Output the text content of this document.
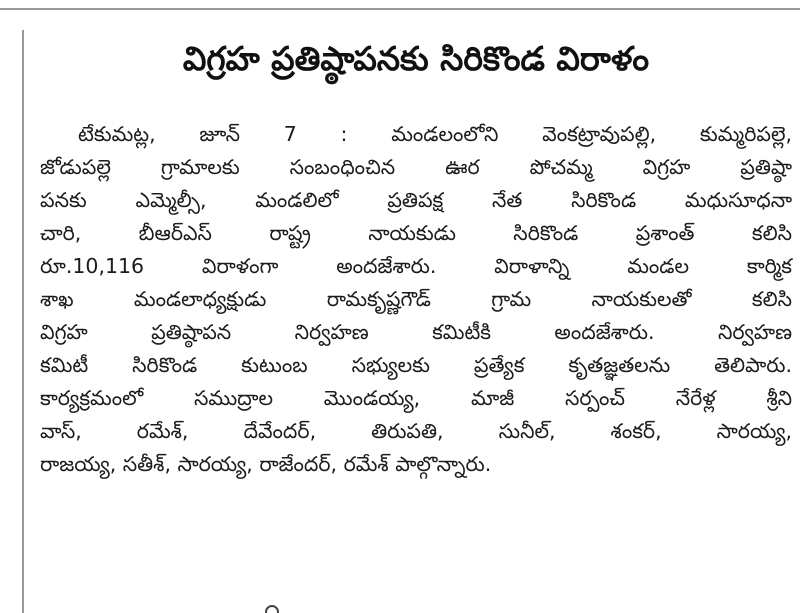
విగ్రహ ప్రతిష్ఠాపనకు సిరికొండ విరాళం
టేకుమట్ల, జూన్ 7 : మండలంలోని వెంకట్రావుపల్లి, కుమ్మరిపల్లె,
జోడుపల్లె గ్రామాలకు సంబంధించిన ఊర పోచమ్మ విగ్రహ ప్రతిష్ఠా
పనకు ఎమ్మెల్సీ, మండలిలో ప్రతిపక్ష నేత సిరికొండ మధుసూధనా
చారి, బీఆర్ఎస్ రాష్ట్ర నాయకుడు సిరికొండ ప్రశాంత్ కలిసి
రూ.10,116 విరాళంగా అందజేశారు. విరాళాన్ని మండల కార్మిక
శాఖ మండలాధ్యక్షుడు రామకృష్ణగౌడ్ గ్రామ నాయకులతో కలిసి
విగ్రహ ప్రతిష్ఠాపన నిర్వహణ కమిటీకి అందజేశారు. నిర్వహణ
కమిటీ సిరికొండ కుటుంబ సభ్యులకు ప్రత్యేక కృతజ్ఞతలను తెలిపారు.
కార్యక్రమంలో సముద్రాల మొండయ్య, మాజీ సర్పంచ్ నేరేళ్ల శ్రీని
వాస్, రమేశ్, దేవేందర్, తిరుపతి, సునీల్, శంకర్, సారయ్య,
రాజయ్య, సతీశ్, సారయ్య, రాజేందర్, రమేశ్ పాల్గొన్నారు.
